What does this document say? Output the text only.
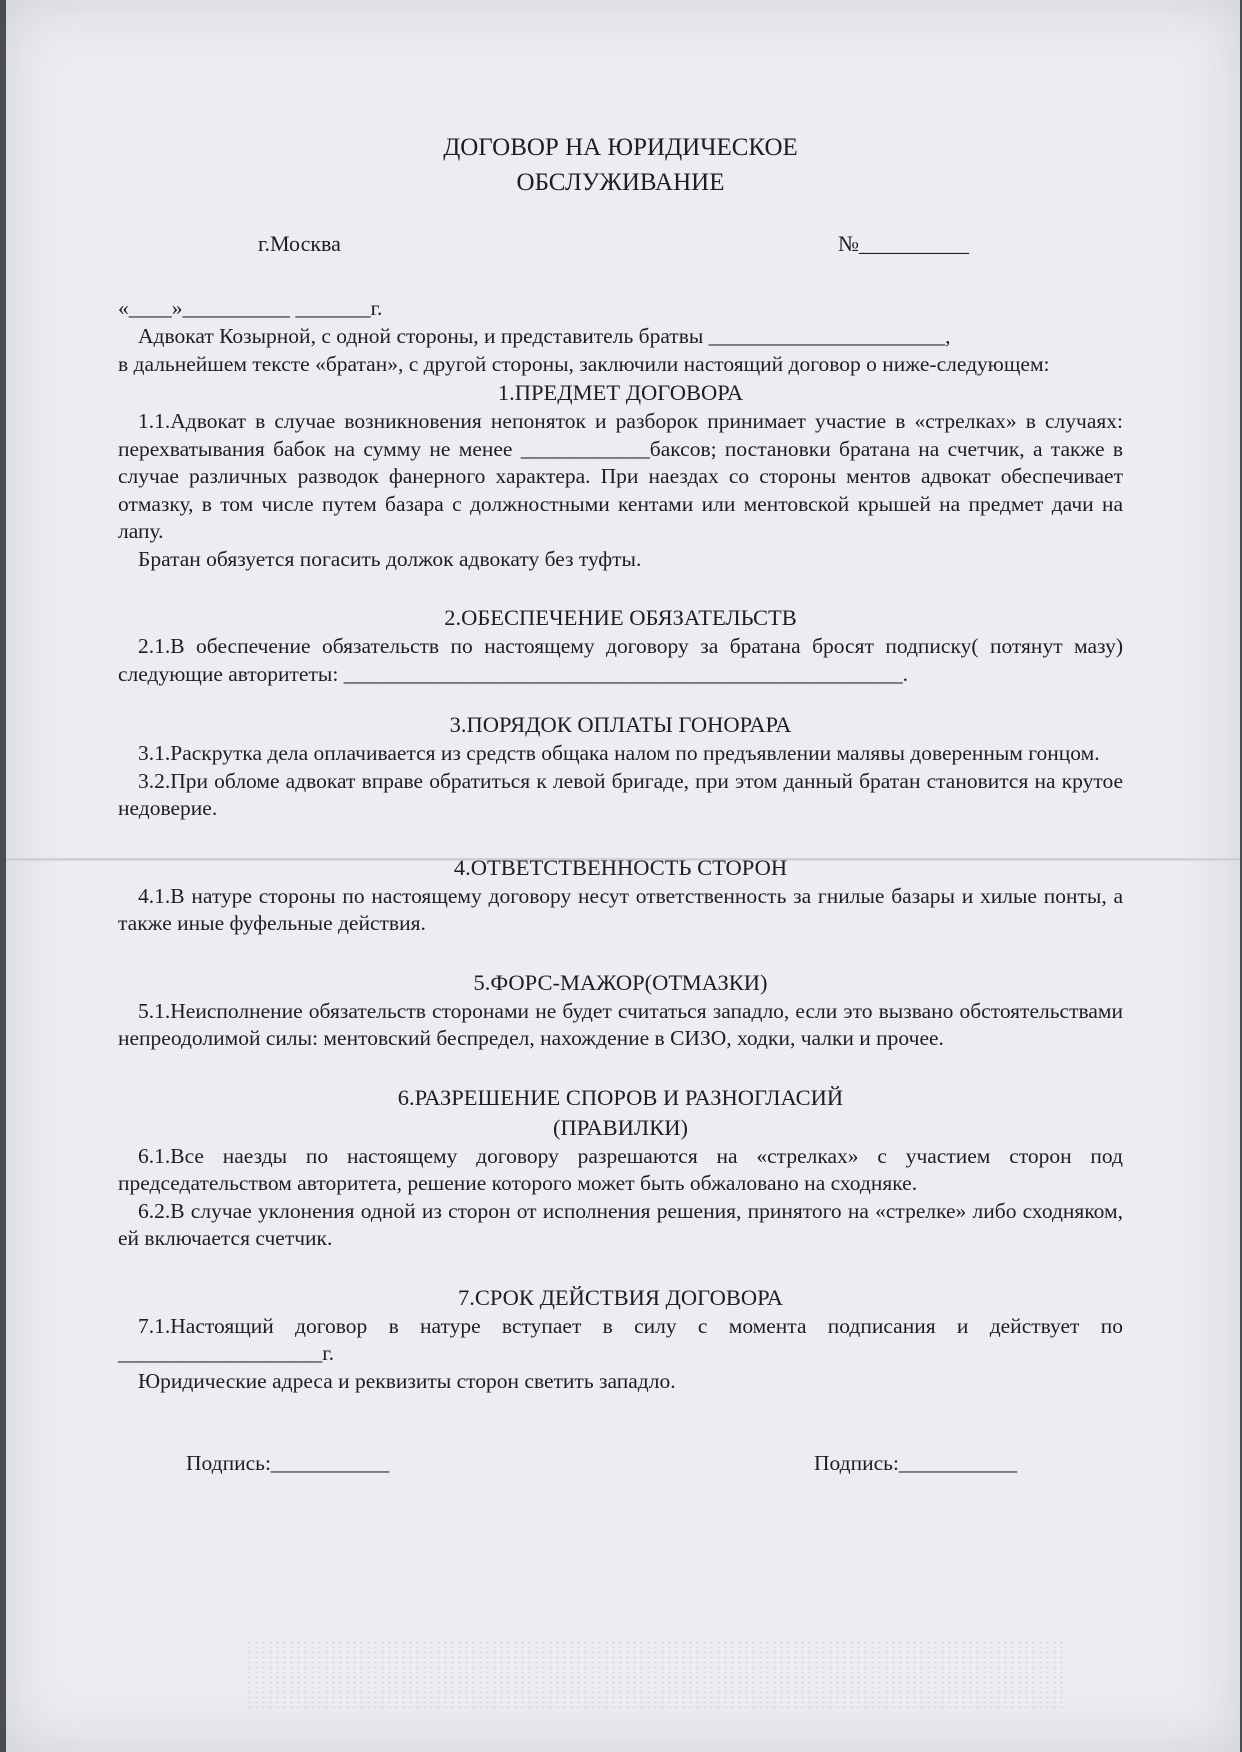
ДОГОВОР НА ЮРИДИЧЕСКОЕ
ОБСЛУЖИВАНИЕ
г.Москва	№__________
«____»__________ _______г.

Адвокат Козырной, с одной стороны, и представитель братвы ______________________,

в дальнейшем тексте «братан», с другой стороны, заключили настоящий договор о ниже-следующем:

1.ПРЕДМЕТ ДОГОВОРА

1.1.Адвокат в случае возникновения непоняток и разборок принимает участие в «стрелках» в случаях: перехватывания бабок на сумму не менее ____________баксов; постановки братана на счетчик, а также в случае различных разводок фанерного характера. При наездах со стороны ментов адвокат обеспечивает отмазку, в том числе путем базара с должностными кентами или ментовской крышей на предмет дачи на лапу.

Братан обязуется погасить должок адвокату без туфты.

2.ОБЕСПЕЧЕНИЕ ОБЯЗАТЕЛЬСТВ

2.1.В обеспечение обязательств по настоящему договору за братана бросят подписку( потянут мазу) следующие авторитеты: ____________________________________________________.

3.ПОРЯДОК ОПЛАТЫ ГОНОРАРА

3.1.Раскрутка дела оплачивается из средств общака налом по предъявлении малявы доверенным гонцом.

3.2.При обломе адвокат вправе обратиться к левой бригаде, при этом данный братан становится на крутое недоверие.

4.ОТВЕТСТВЕННОСТЬ СТОРОН

4.1.В натуре стороны по настоящему договору несут ответственность за гнилые базары и хилые понты, а также иные фуфельные действия.

5.ФОРС-МАЖОР(ОТМАЗКИ)

5.1.Неисполнение обязательств сторонами не будет считаться западло, если это вызвано обстоятельствами непреодолимой силы: ментовский беспредел, нахождение в СИЗО, ходки, чалки и прочее.

6.РАЗРЕШЕНИЕ СПОРОВ И РАЗНОГЛАСИЙ
(ПРАВИЛКИ)

6.1.Все наезды по настоящему договору разрешаются на «стрелках» с участием сторон под председательством авторитета, решение которого может быть обжаловано на сходняке.

6.2.В случае уклонения одной из сторон от исполнения решения, принятого на «стрелке» либо сходняком, ей включается счетчик.

7.СРОК ДЕЙСТВИЯ ДОГОВОРА

7.1.Настоящий договор в натуре вступает в силу с момента подписания и действует по ___________________г.

Юридические адреса и реквизиты сторон светить западло.

Подпись:___________	Подпись:___________
